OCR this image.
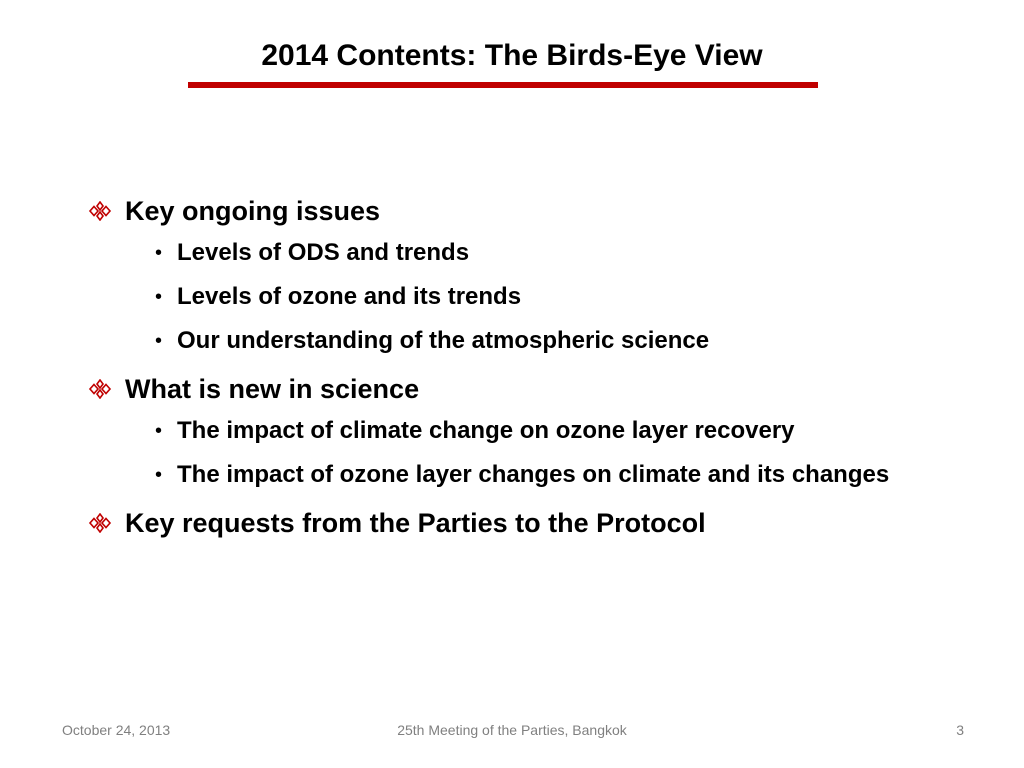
2014 Contents: The Birds-Eye View
Key ongoing issues
• Levels of ODS and trends
• Levels of ozone and its trends
• Our understanding of the atmospheric science
What is new in science
• The impact of climate change on ozone layer recovery
• The impact of ozone layer changes on climate and its changes
Key requests from the Parties to the Protocol
October 24, 2013	25th Meeting of the Parties, Bangkok	3
